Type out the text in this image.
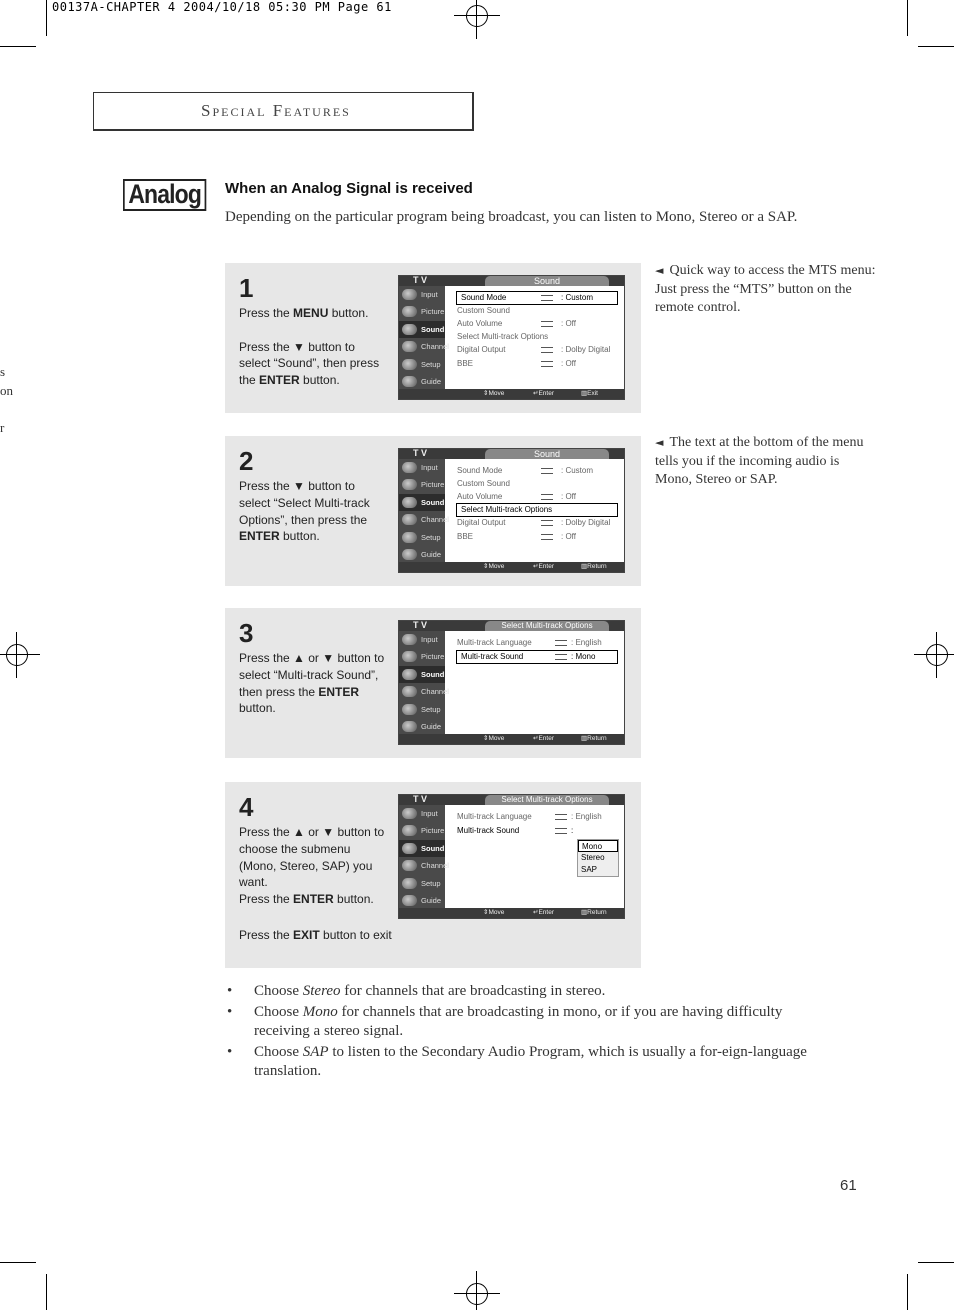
00137A-CHAPTER 4 2004/10/18 05:30 PM Page 61
s
on
r
Special Features
Analog	When an Analog Signal is received
Depending on the particular program being broadcast, you can listen to Mono, Stereo or a SAP.
1
Press the MENU button.

Press the ▼ button to select “Sound”, then press the ENTER button.
T V	Sound
Input
Picture
Sound
Channel
Setup
Guide
Sound Mode	: Custom
Custom Sound
Auto Volume	: Off
Select Multi-track Options
Digital Output	: Dolby Digital
BBE	: Off
⇕ Move	↵ Enter	▥ Exit
2
Press the ▼ button to select “Select Multi-track Options”, then press the ENTER button.
T V	Sound
Input
Picture
Sound
Channel
Setup
Guide
Sound Mode	: Custom
Custom Sound
Auto Volume	: Off
Select Multi-track Options
Digital Output	: Dolby Digital
BBE	: Off
⇕ Move	↵ Enter	▥ Return
3
Press the ▲ or ▼ button to select “Multi-track Sound”, then press the ENTER button.
T V	Select Multi-track Options
Input
Picture
Sound
Channel
Setup
Guide
Multi-track Language	: English
Multi-track Sound	: Mono
⇕ Move	↵ Enter	▥ Return
4
Press the ▲ or ▼ button to choose the submenu (Mono, Stereo, SAP) you want.
Press the ENTER button.
Press the EXIT button to exit
T V	Select Multi-track Options
Input
Picture
Sound
Channel
Setup
Guide
Multi-track Language	: English
Multi-track Sound	:
Mono
Stereo
SAP
⇕ Move	↵ Enter	▥ Return
◄ Quick way to access the MTS menu: Just press the “MTS” button on the remote control.
◄ The text at the bottom of the menu tells you if the incoming audio is Mono, Stereo or SAP.
• Choose Stereo for channels that are broadcasting in stereo.
• Choose Mono for channels that are broadcasting in mono, or if you are having difficulty receiving a stereo signal.
• Choose SAP to listen to the Secondary Audio Program, which is usually a for-eign-language translation.
61
